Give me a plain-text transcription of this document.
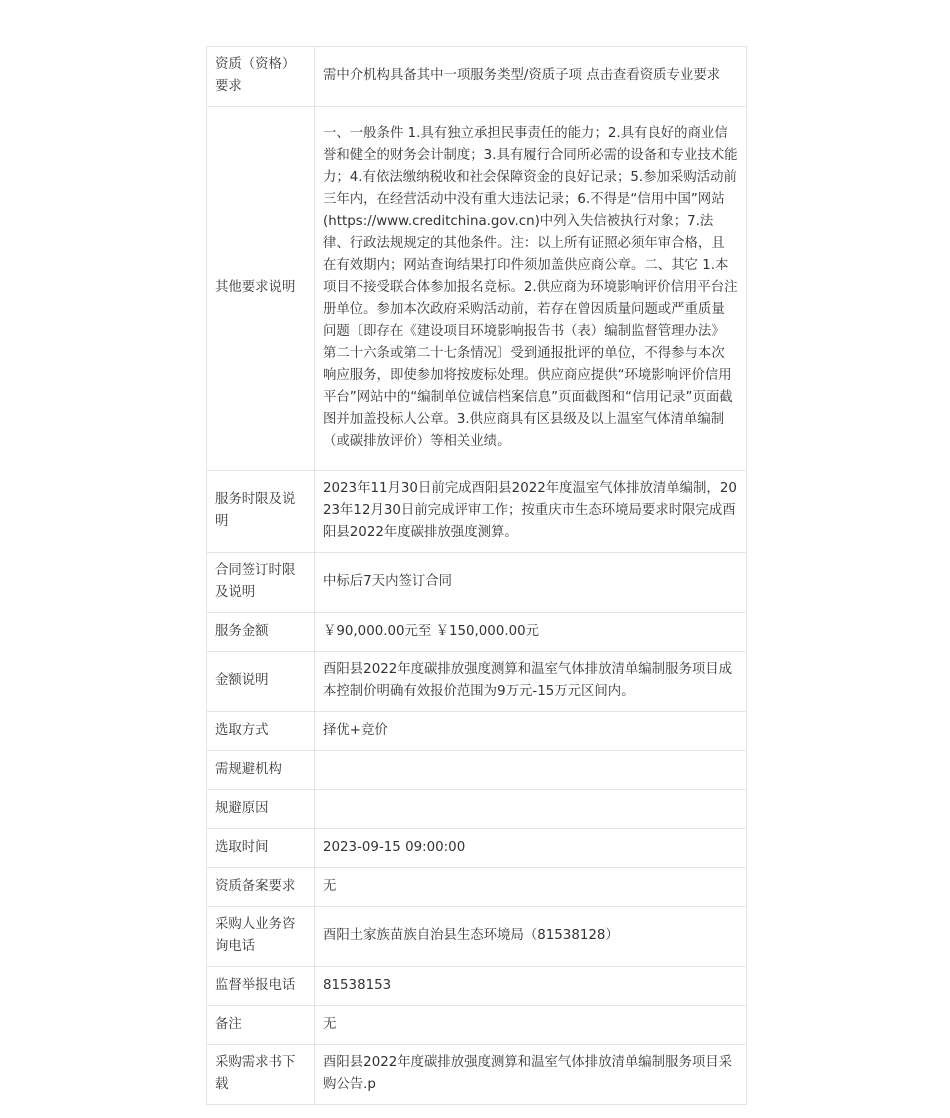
资质（资格）要求	需中介机构具备其中一项服务类型/资质子项 点击查看资质专业要求
其他要求说明	一、一般条件 1.具有独立承担民事责任的能力；2.具有良好的商业信誉和健全的财务会计制度；3.具有履行合同所必需的设备和专业技术能力；4.有依法缴纳税收和社会保障资金的良好记录；5.参加采购活动前三年内，在经营活动中没有重大违法记录；6.不得是“信用中国”网站(https://www.creditchina.gov.cn)中列入失信被执行对象；7.法律、行政法规规定的其他条件。注：以上所有证照必须年审合格，且在有效期内；网站查询结果打印件须加盖供应商公章。二、其它 1.本项目不接受联合体参加报名竞标。2.供应商为环境影响评价信用平台注册单位。参加本次政府采购活动前，若存在曾因质量问题或严重质量问题〔即存在《建设项目环境影响报告书（表）编制监督管理办法》第二十六条或第二十七条情况〕受到通报批评的单位，不得参与本次响应服务，即使参加将按废标处理。供应商应提供“环境影响评价信用平台”网站中的“编制单位诚信档案信息”页面截图和“信用记录”页面截图并加盖投标人公章。3.供应商具有区县级及以上温室气体清单编制（或碳排放评价）等相关业绩。
服务时限及说明	2023年11月30日前完成酉阳县2022年度温室气体排放清单编制，2023年12月30日前完成评审工作；按重庆市生态环境局要求时限完成酉阳县2022年度碳排放强度测算。
合同签订时限及说明	中标后7天内签订合同
服务金额	￥90,000.00元至 ￥150,000.00元
金额说明	酉阳县2022年度碳排放强度测算和温室气体排放清单编制服务项目成本控制价明确有效报价范围为9万元-15万元区间内。
选取方式	择优+竞价
需规避机构	
规避原因	
选取时间	2023-09-15 09:00:00
资质备案要求	无
采购人业务咨询电话	酉阳土家族苗族自治县生态环境局（81538128）
监督举报电话	81538153
备注	无
采购需求书下载	酉阳县2022年度碳排放强度测算和温室气体排放清单编制服务项目采购公告.p
